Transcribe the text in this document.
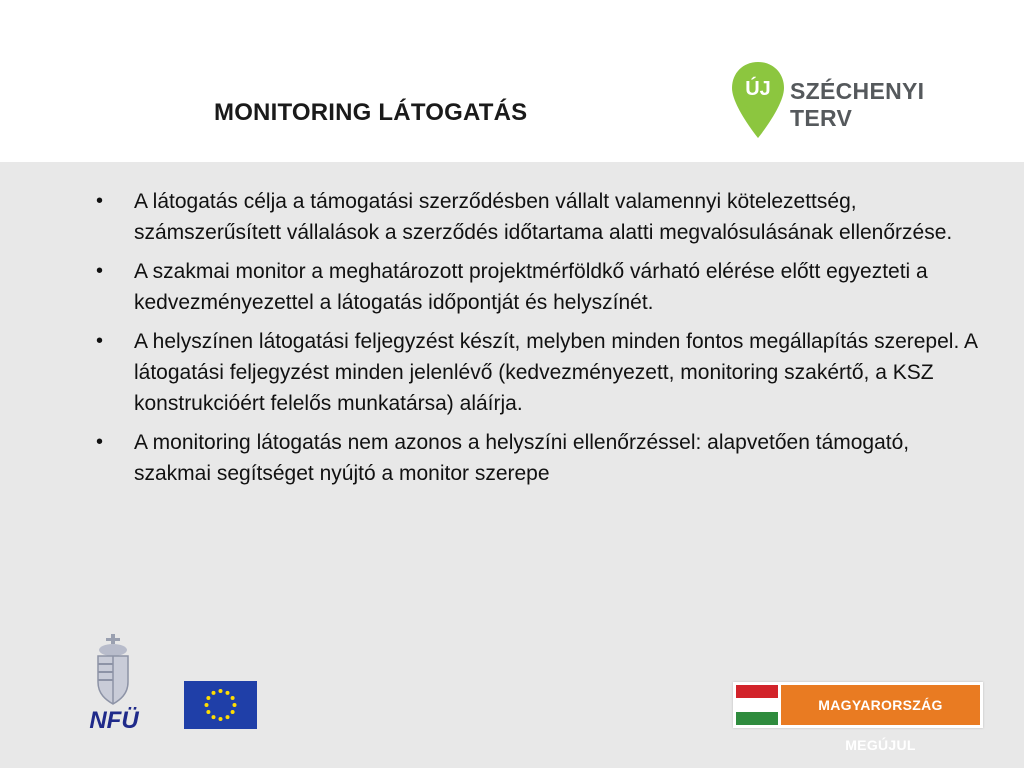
MONITORING LÁTOGATÁS
ÚJ SZÉCHENYI TERV
•	A látogatás célja a támogatási szerződésben vállalt valamennyi kötelezettség, számszerűsített vállalások a szerződés időtartama alatti megvalósulásának ellenőrzése.
•	A szakmai monitor a meghatározott projektmérföldkő várható elérése előtt egyezteti a kedvezményezettel a látogatás időpontját és helyszínét.
•	A helyszínen látogatási feljegyzést készít, melyben minden fontos megállapítás szerepel. A látogatási feljegyzést minden jelenlévő (kedvezményezett, monitoring szakértő, a KSZ konstrukcióért felelős munkatársa) aláírja.
•	A monitoring látogatás nem azonos a helyszíni ellenőrzéssel: alapvetően támogató, szakmai segítséget nyújtó a monitor szerepe
NFÜ
MAGYARORSZÁG MEGÚJUL
